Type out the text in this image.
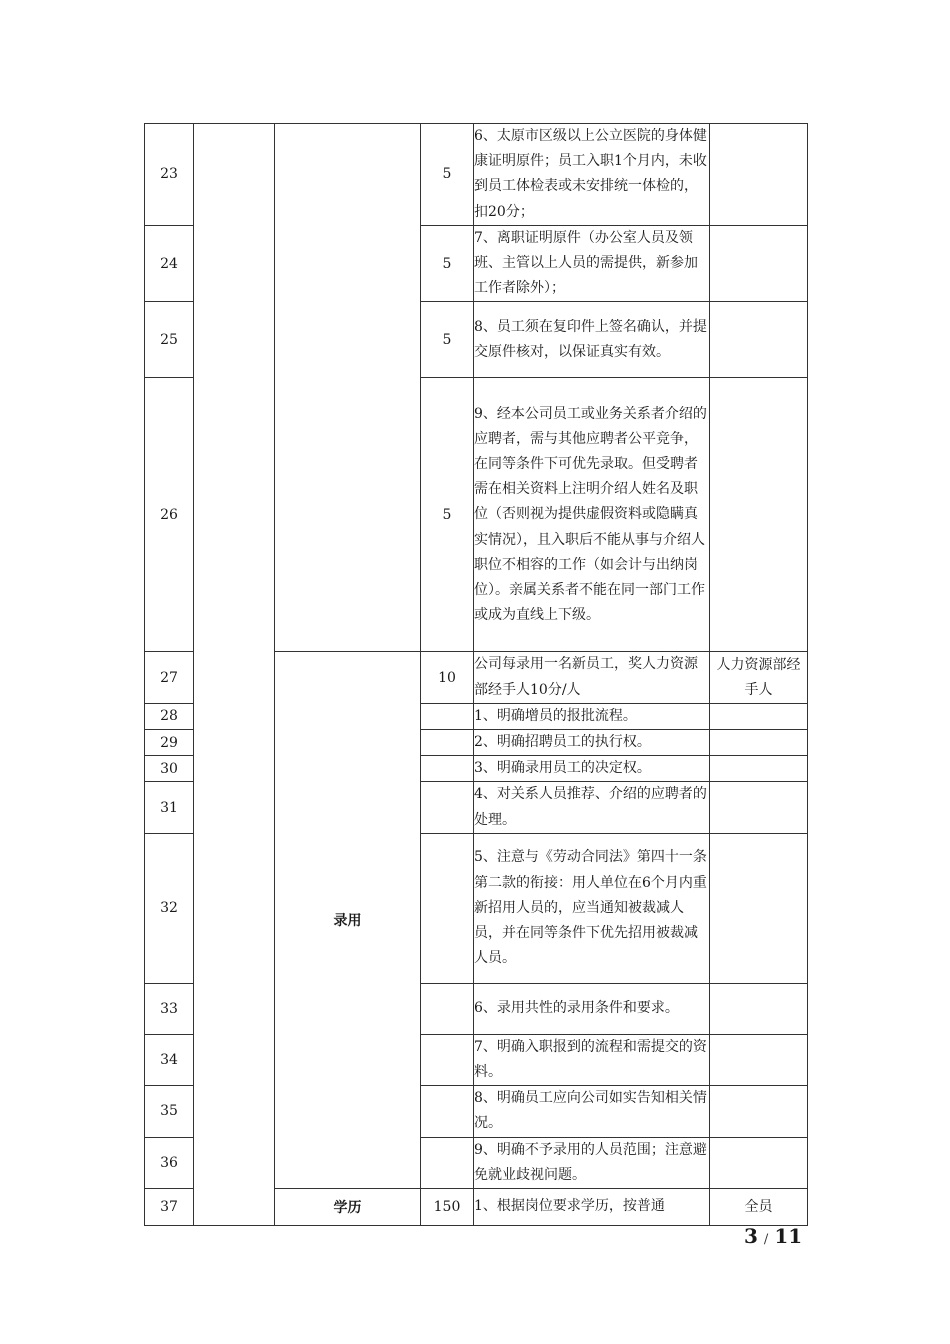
23			5	6、太原市区级以上公立医院的身体健康证明原件；员工入职1个月内，未收到员工体检表或未安排统一体检的，扣20分；	
24			5	7、离职证明原件（办公室人员及领班、主管以上人员的需提供，新参加工作者除外）；	
25			5	8、员工须在复印件上签名确认，并提交原件核对，以保证真实有效。	
26			5	9、经本公司员工或业务关系者介绍的应聘者，需与其他应聘者公平竞争，在同等条件下可优先录取。但受聘者需在相关资料上注明介绍人姓名及职位（否则视为提供虚假资料或隐瞒真实情况），且入职后不能从事与介绍人职位不相容的工作（如会计与出纳岗位）。亲属关系者不能在同一部门工作或成为直线上下级。	
27		录用	10	公司每录用一名新员工，奖人力资源部经手人10分/人	人力资源部经手人
28				1、明确增员的报批流程。	
29				2、明确招聘员工的执行权。	
30				3、明确录用员工的决定权。	
31				4、对关系人员推荐、介绍的应聘者的处理。	
32				5、注意与《劳动合同法》第四十一条第二款的衔接：用人单位在6个月内重新招用人员的，应当通知被裁减人员，并在同等条件下优先招用被裁减人员。	
33				6、录用共性的录用条件和要求。	
34				7、明确入职报到的流程和需提交的资料。	
35				8、明确员工应向公司如实告知相关情况。	
36				9、明确不予录用的人员范围；注意避免就业歧视问题。	
37		学历	150	1、根据岗位要求学历，按普通	全员
3 / 11
